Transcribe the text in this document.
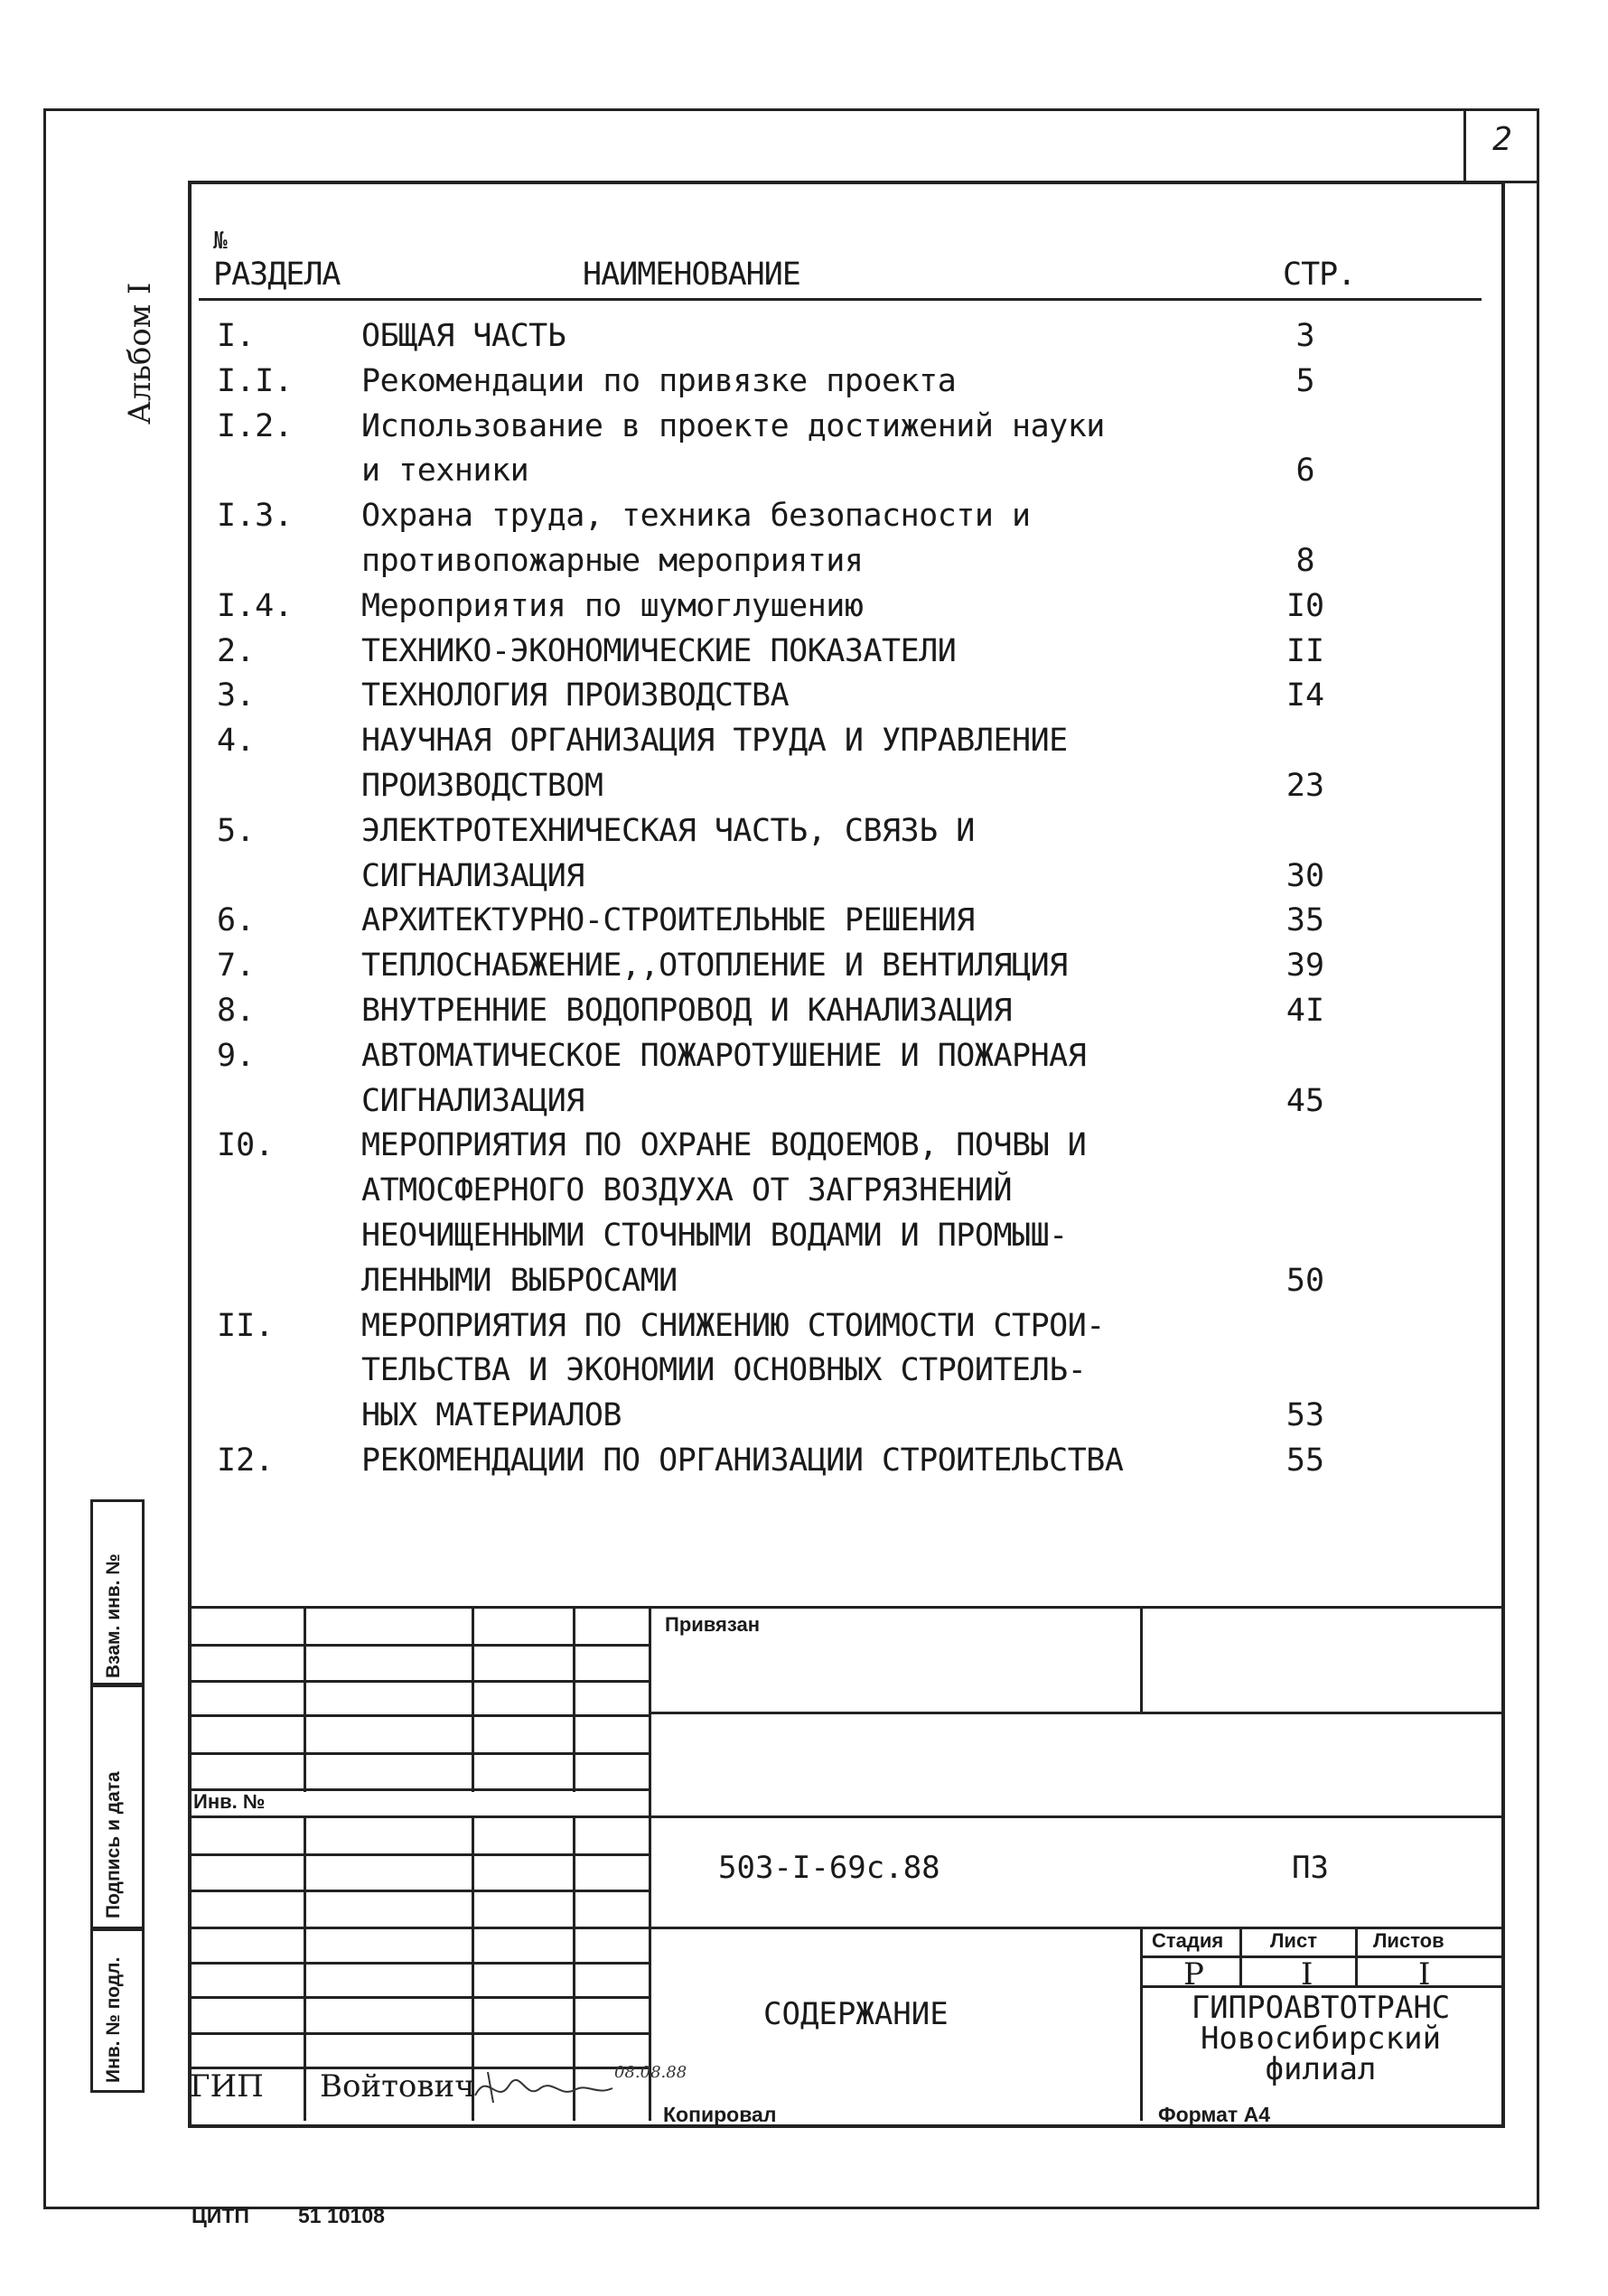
2
Альбом I
№
РАЗДЕЛА	НАИМЕНОВАНИЕ	СТР.
I.	ОБЩАЯ ЧАСТЬ	3
I.I. Рекомендации по привязке проекта	5
I.2. Использование в проекте достижений науки
и техники	6
I.3. Охрана труда, техника безопасности и
противопожарные мероприятия	8
I.4. Мероприятия по шумоглушению	I0
2.	ТЕХНИКО-ЭКОНОМИЧЕСКИЕ ПОКАЗАТЕЛИ	II
3.	ТЕХНОЛОГИЯ ПРОИЗВОДСТВА	I4
4.	НАУЧНАЯ ОРГАНИЗАЦИЯ ТРУДА И УПРАВЛЕНИЕ
ПРОИЗВОДСТВОМ	23
5.	ЭЛЕКТРОТЕХНИЧЕСКАЯ ЧАСТЬ, СВЯЗЬ И
СИГНАЛИЗАЦИЯ	30
6.	АРХИТЕКТУРНО-СТРОИТЕЛЬНЫЕ РЕШЕНИЯ	35
7.	ТЕПЛОСНАБЖЕНИЕ,,ОТОПЛЕНИЕ И ВЕНТИЛЯЦИЯ	39
8.	ВНУТРЕННИЕ ВОДОПРОВОД И КАНАЛИЗАЦИЯ	4I
9.	АВТОМАТИЧЕСКОЕ ПОЖАРОТУШЕНИЕ И ПОЖАРНАЯ
СИГНАЛИЗАЦИЯ	45
I0.	МЕРОПРИЯТИЯ ПО ОХРАНЕ ВОДОЕМОВ, ПОЧВЫ И
АТМОСФЕРНОГО ВОЗДУХА ОТ ЗАГРЯЗНЕНИЙ
НЕОЧИЩЕННЫМИ СТОЧНЫМИ ВОДАМИ И ПРОМЫШ-
ЛЕННЫМИ ВЫБРОСАМИ	50
II.	МЕРОПРИЯТИЯ ПО СНИЖЕНИЮ СТОИМОСТИ СТРОИ-
ТЕЛЬСТВА И ЭКОНОМИИ ОСНОВНЫХ СТРОИТЕЛЬ-
НЫХ МАТЕРИАЛОВ	53
I2.	РЕКОМЕНДАЦИИ ПО ОРГАНИЗАЦИИ СТРОИТЕЛЬСТВА	55
Взам. инв. №
Подпись и дата
Инв. № подл.
Привязан
Инв. №
503-I-69с.88	ПЗ
СОДЕРЖАНИЕ
Стадия Лист	Листов
Р	I	I
ГИПРОАВТОТРАНС
Новосибирский
филиал
ГИП Войтович	08.08.88
Копировал	Формат А4
ЦИТП 51 10108
